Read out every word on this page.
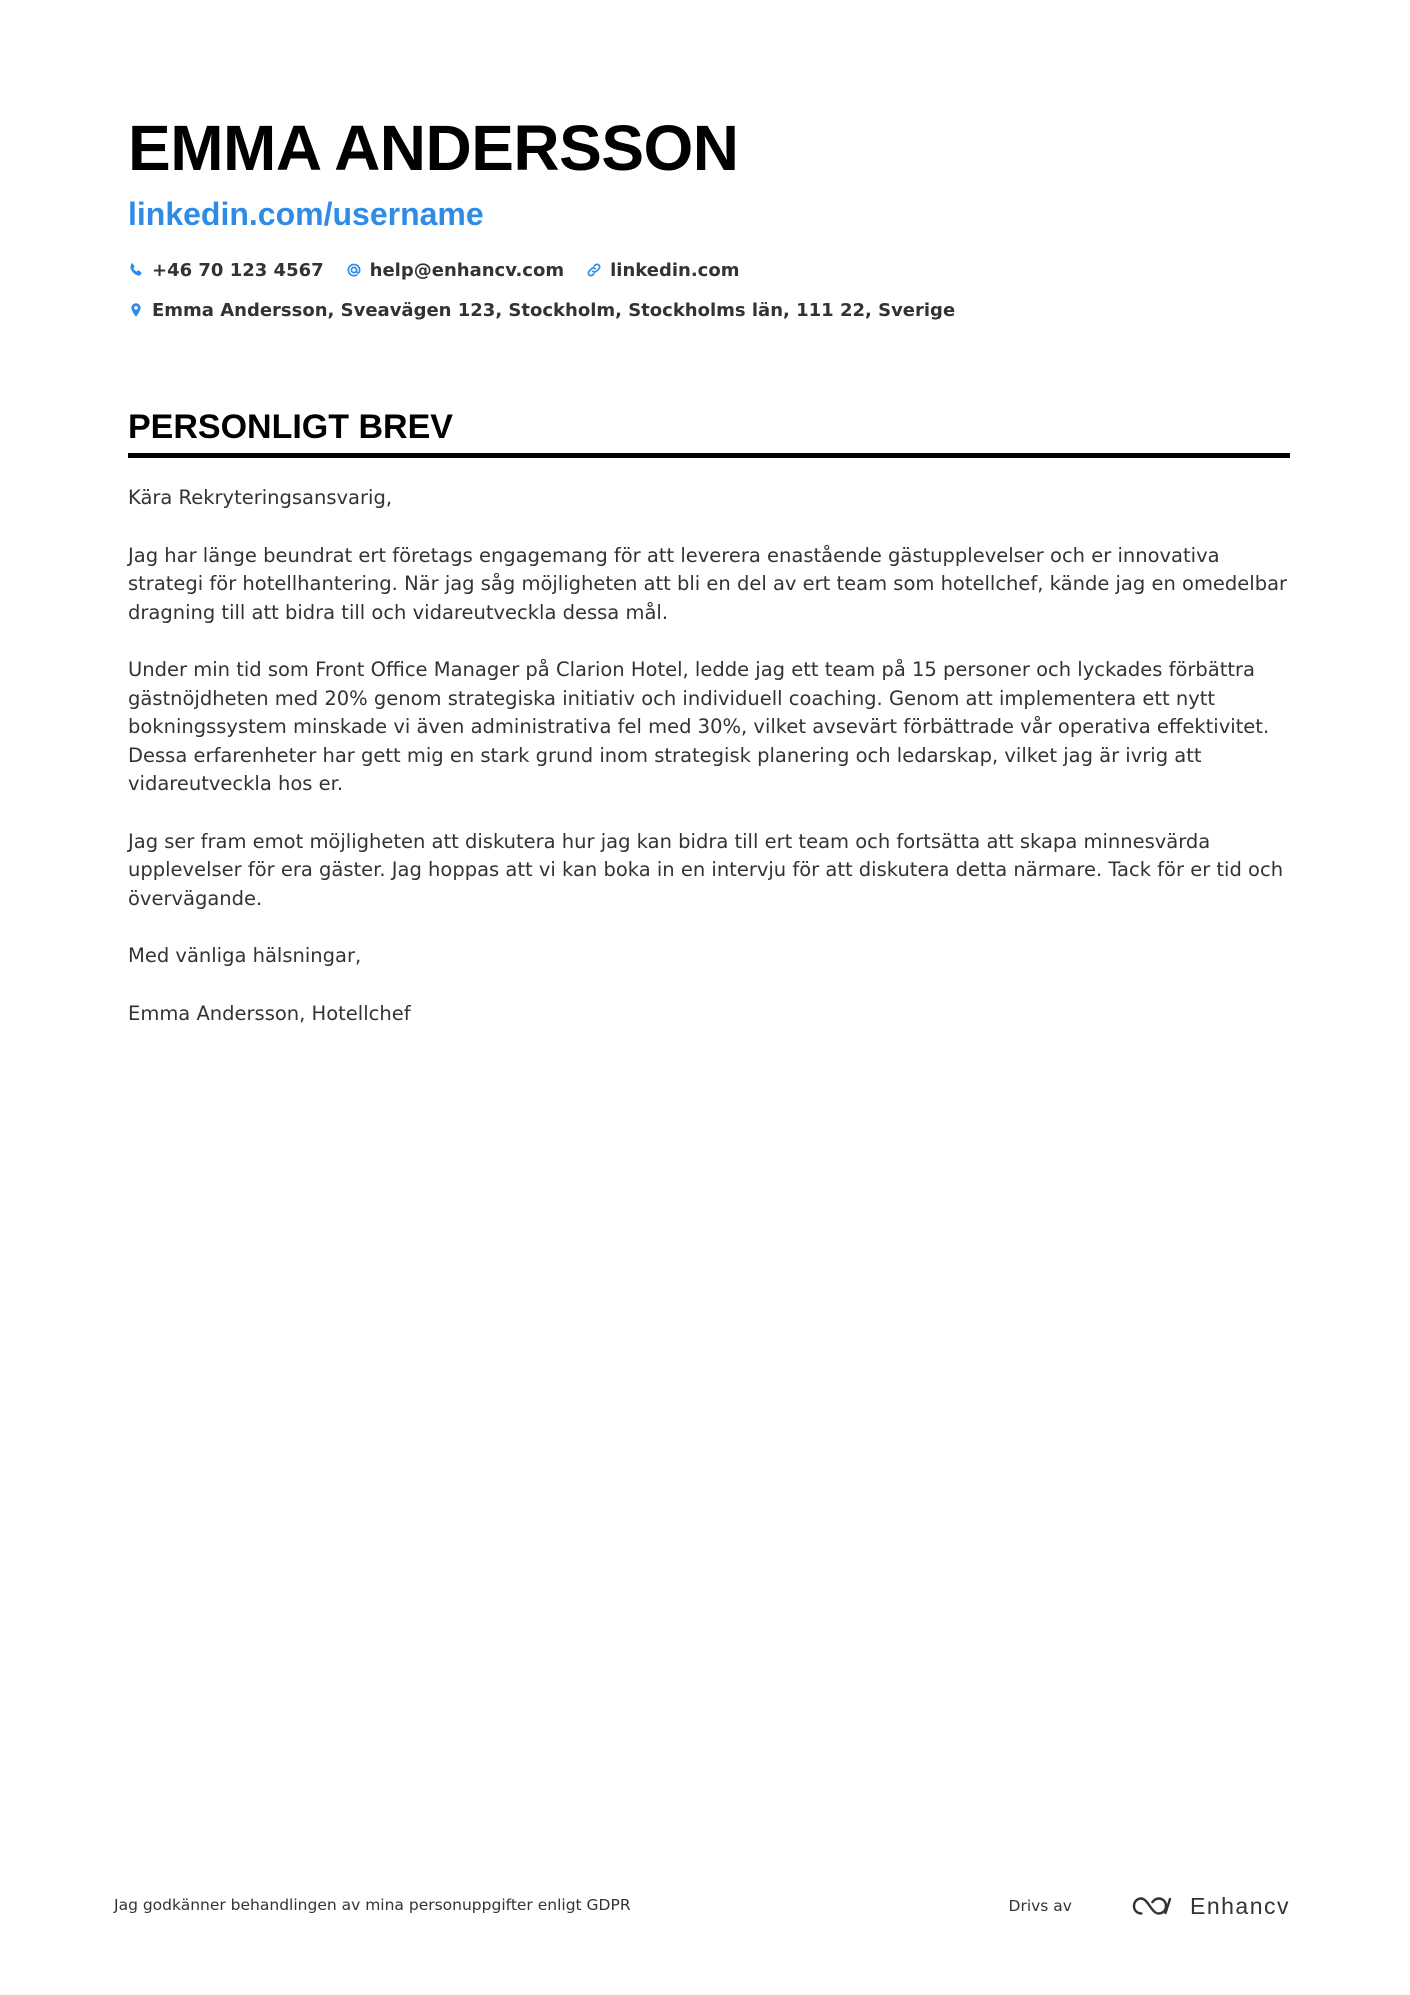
EMMA ANDERSSON
linkedin.com/username
+46 70 123 4567	help@enhancv.com	linkedin.com
Emma Andersson, Sveavägen 123, Stockholm, Stockholms län, 111 22, Sverige
PERSONLIGT BREV

Kära Rekryteringsansvarig,

Jag har länge beundrat ert företags engagemang för att leverera enastående gästupplevelser och er innovativa strategi för hotellhantering. När jag såg möjligheten att bli en del av ert team som hotellchef, kände jag en omedelbar dragning till att bidra till och vidareutveckla dessa mål.

Under min tid som Front Office Manager på Clarion Hotel, ledde jag ett team på 15 personer och lyckades förbättra gästnöjdheten med 20% genom strategiska initiativ och individuell coaching. Genom att implementera ett nytt bokningssystem minskade vi även administrativa fel med 30%, vilket avsevärt förbättrade vår operativa effektivitet. Dessa erfarenheter har gett mig en stark grund inom strategisk planering och ledarskap, vilket jag är ivrig att vidareutveckla hos er.

Jag ser fram emot möjligheten att diskutera hur jag kan bidra till ert team och fortsätta att skapa minnesvärda upplevelser för era gäster. Jag hoppas att vi kan boka in en intervju för att diskutera detta närmare. Tack för er tid och övervägande.

Med vänliga hälsningar,

Emma Andersson, Hotellchef

Jag godkänner behandlingen av mina personuppgifter enligt GDPR	Drivs av	Enhancv
